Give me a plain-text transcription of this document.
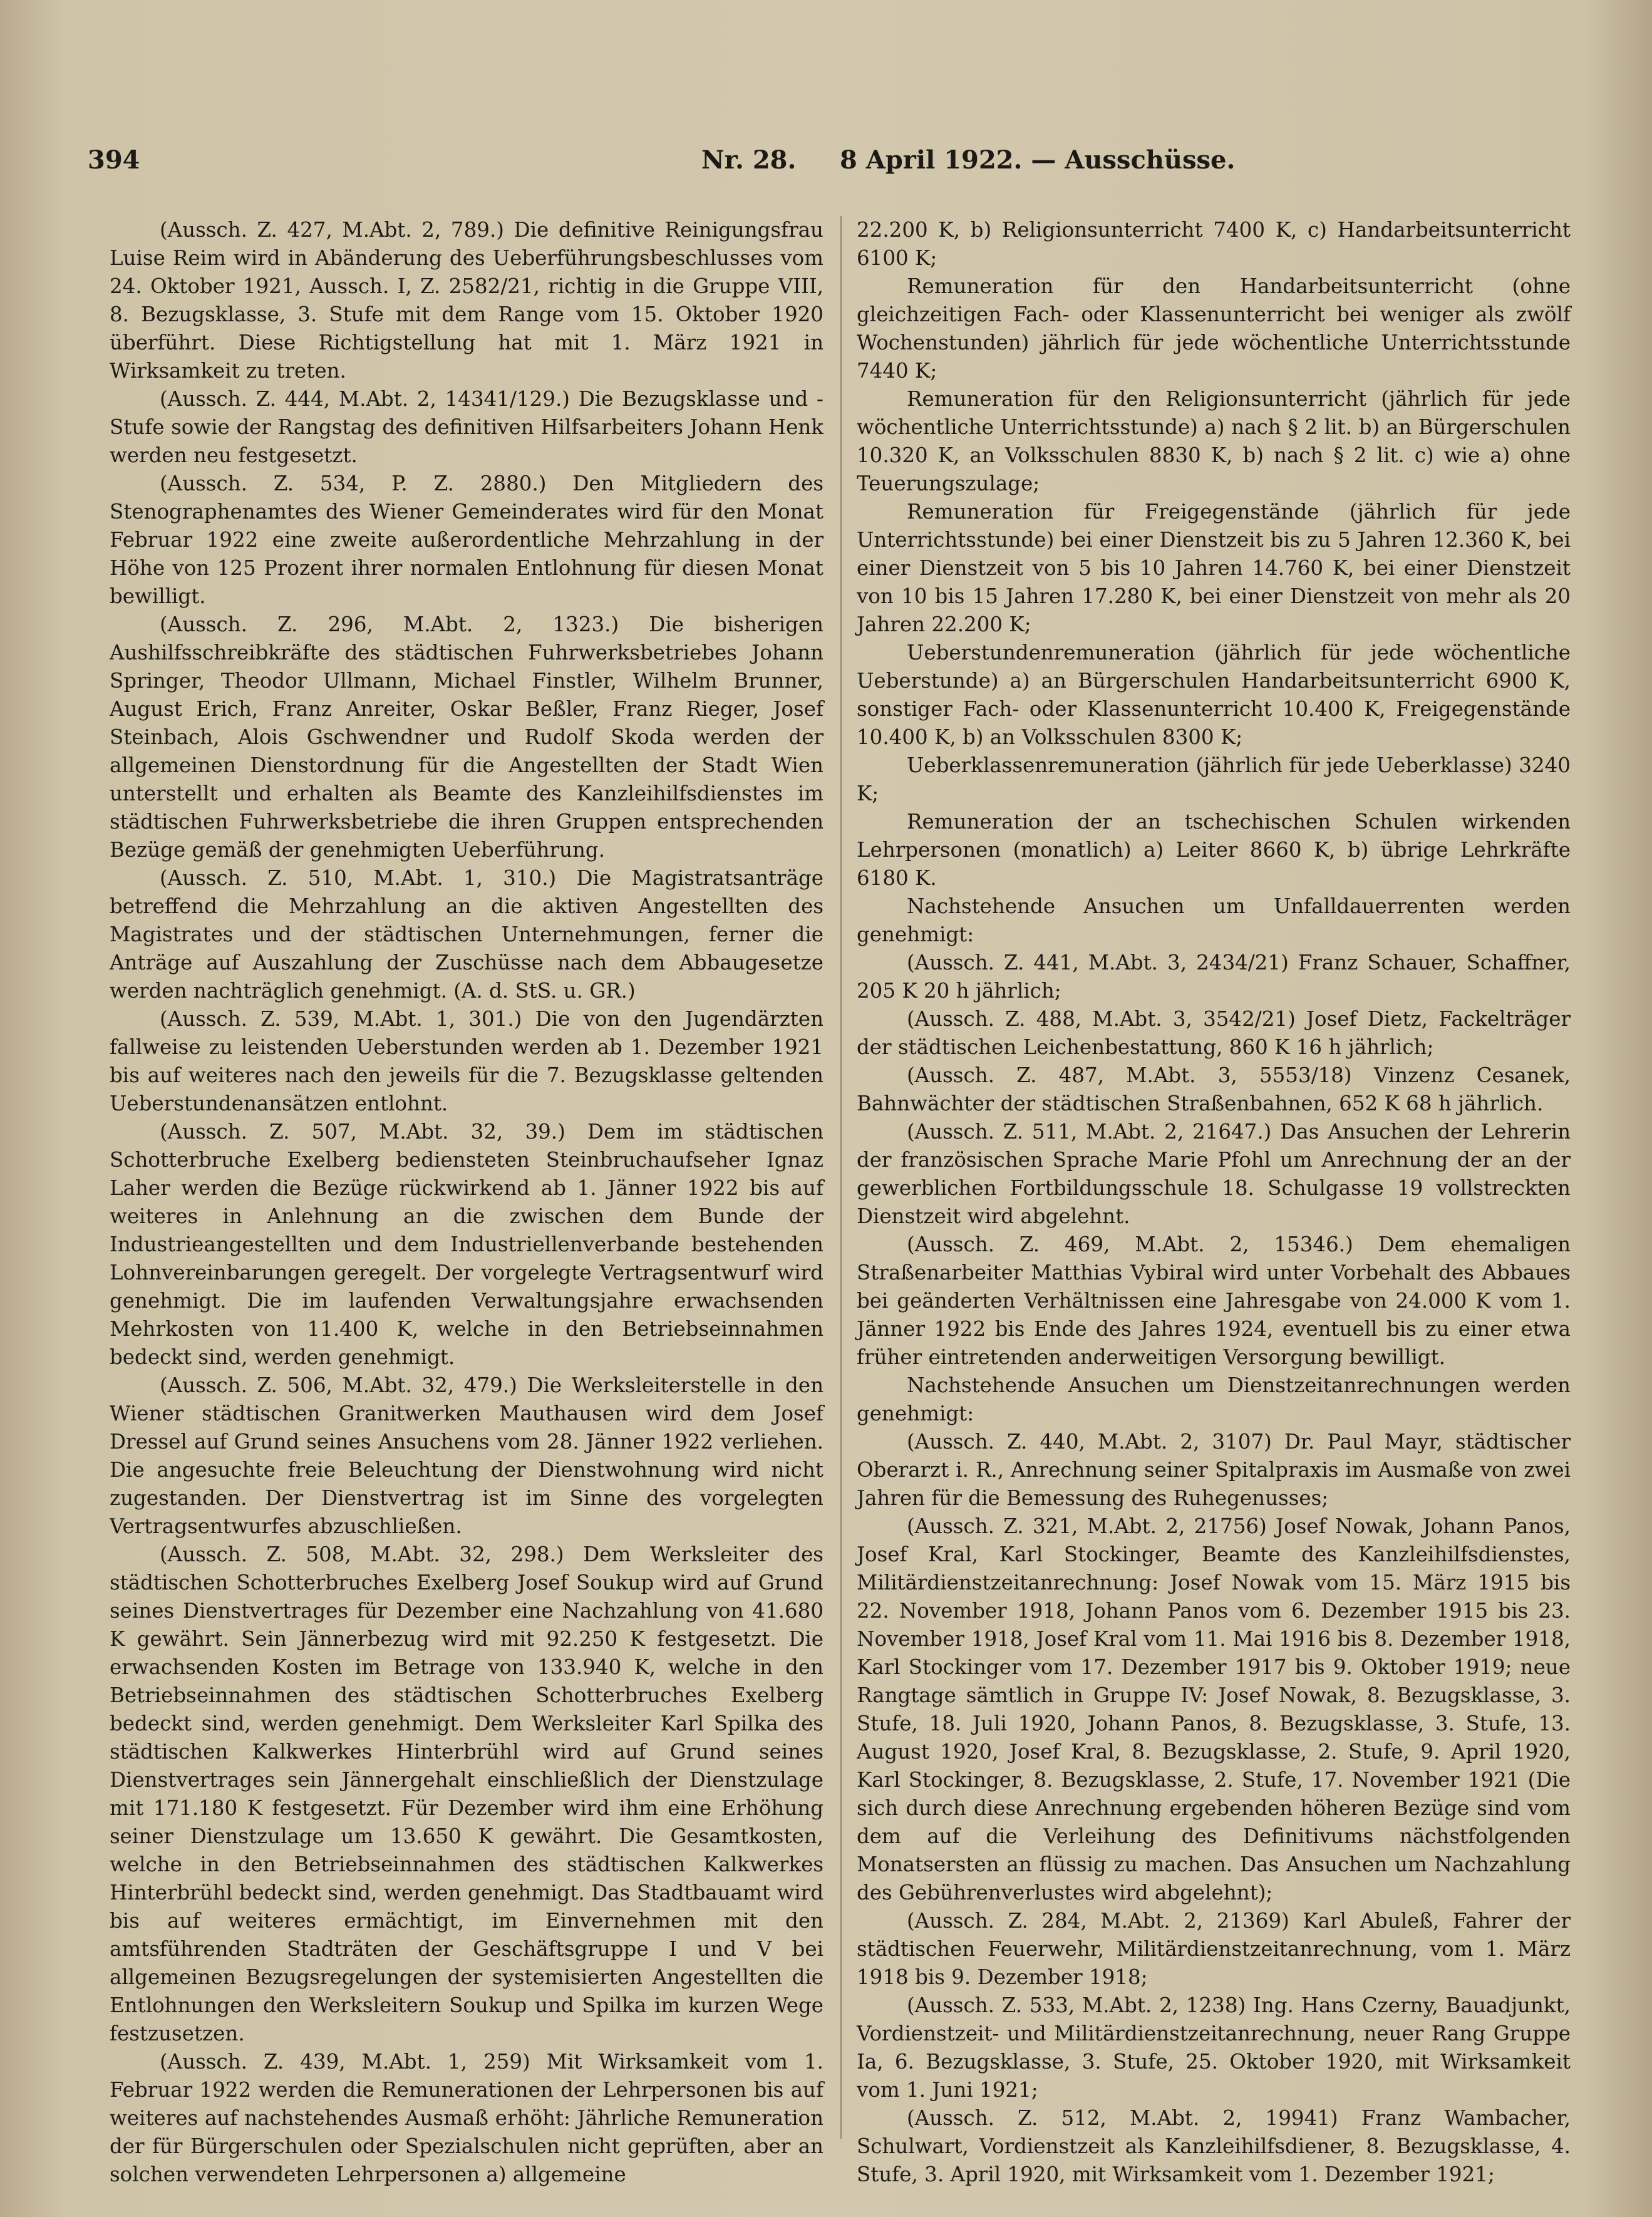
394	Nr. 28.     8 April 1922. — Ausschüsse.

(Aussch. Z. 427, M.Abt. 2, 789.) Die definitive Reinigungsfrau Luise Reim wird in Abänderung des Ueberführungsbeschlusses vom 24. Oktober 1921, Aussch. I, Z. 2582/21, richtig in die Gruppe VIII, 8. Bezugsklasse, 3. Stufe mit dem Range vom 15. Oktober 1920 überführt. Diese Richtigstellung hat mit 1. März 1921 in Wirksamkeit zu treten.

(Aussch. Z. 444, M.Abt. 2, 14341/129.) Die Bezugsklasse und -Stufe sowie der Rangstag des definitiven Hilfsarbeiters Johann Henk werden neu festgesetzt.

(Aussch. Z. 534, P. Z. 2880.) Den Mitgliedern des Stenographenamtes des Wiener Gemeinderates wird für den Monat Februar 1922 eine zweite außerordentliche Mehrzahlung in der Höhe von 125 Prozent ihrer normalen Entlohnung für diesen Monat bewilligt.

(Aussch. Z. 296, M.Abt. 2, 1323.) Die bisherigen Aushilfsschreibkräfte des städtischen Fuhrwerksbetriebes Johann Springer, Theodor Ullmann, Michael Finstler, Wilhelm Brunner, August Erich, Franz Anreiter, Oskar Beßler, Franz Rieger, Josef Steinbach, Alois Gschwendner und Rudolf Skoda werden der allgemeinen Dienstordnung für die Angestellten der Stadt Wien unterstellt und erhalten als Beamte des Kanzleihilfsdienstes im städtischen Fuhrwerksbetriebe die ihren Gruppen entsprechenden Bezüge gemäß der genehmigten Ueberführung.

(Aussch. Z. 510, M.Abt. 1, 310.) Die Magistratsanträge betreffend die Mehrzahlung an die aktiven Angestellten des Magistrates und der städtischen Unternehmungen, ferner die Anträge auf Auszahlung der Zuschüsse nach dem Abbaugesetze werden nachträglich genehmigt. (A. d. StS. u. GR.)

(Aussch. Z. 539, M.Abt. 1, 301.) Die von den Jugendärzten fallweise zu leistenden Ueberstunden werden ab 1. Dezember 1921 bis auf weiteres nach den jeweils für die 7. Bezugsklasse geltenden Ueberstundenansätzen entlohnt.

(Aussch. Z. 507, M.Abt. 32, 39.) Dem im städtischen Schotterbruche Exelberg bediensteten Steinbruchaufseher Ignaz Laher werden die Bezüge rückwirkend ab 1. Jänner 1922 bis auf weiteres in Anlehnung an die zwischen dem Bunde der Industrieangestellten und dem Industriellenverbande bestehenden Lohnvereinbarungen geregelt. Der vorgelegte Vertragsentwurf wird genehmigt. Die im laufenden Verwaltungsjahre erwachsenden Mehrkosten von 11.400 K, welche in den Betriebseinnahmen bedeckt sind, werden genehmigt.

(Aussch. Z. 506, M.Abt. 32, 479.) Die Werksleiterstelle in den Wiener städtischen Granitwerken Mauthausen wird dem Josef Dressel auf Grund seines Ansuchens vom 28. Jänner 1922 verliehen. Die angesuchte freie Beleuchtung der Dienstwohnung wird nicht zugestanden. Der Dienstvertrag ist im Sinne des vorgelegten Vertragsentwurfes abzuschließen.

(Aussch. Z. 508, M.Abt. 32, 298.) Dem Werksleiter des städtischen Schotterbruches Exelberg Josef Soukup wird auf Grund seines Dienstvertrages für Dezember eine Nachzahlung von 41.680 K gewährt. Sein Jännerbezug wird mit 92.250 K festgesetzt. Die erwachsenden Kosten im Betrage von 133.940 K, welche in den Betriebseinnahmen des städtischen Schotterbruches Exelberg bedeckt sind, werden genehmigt. Dem Werksleiter Karl Spilka des städtischen Kalkwerkes Hinterbrühl wird auf Grund seines Dienstvertrages sein Jännergehalt einschließlich der Dienstzulage mit 171.180 K festgesetzt. Für Dezember wird ihm eine Erhöhung seiner Dienstzulage um 13.650 K gewährt. Die Gesamtkosten, welche in den Betriebseinnahmen des städtischen Kalkwerkes Hinterbrühl bedeckt sind, werden genehmigt. Das Stadtbauamt wird bis auf weiteres ermächtigt, im Einvernehmen mit den amtsführenden Stadträten der Geschäftsgruppe I und V bei allgemeinen Bezugsregelungen der systemisierten Angestellten die Entlohnungen den Werksleitern Soukup und Spilka im kurzen Wege festzusetzen.

(Aussch. Z. 439, M.Abt. 1, 259) Mit Wirksamkeit vom 1. Februar 1922 werden die Remunerationen der Lehrpersonen bis auf weiteres auf nachstehendes Ausmaß erhöht: Jährliche Remuneration der für Bürgerschulen oder Spezialschulen nicht geprüften, aber an solchen verwendeten Lehrpersonen a) allgemeine

22.200 K, b) Religionsunterricht 7400 K, c) Handarbeitsunterricht 6100 K;

Remuneration für den Handarbeitsunterricht (ohne gleichzeitigen Fach- oder Klassenunterricht bei weniger als zwölf Wochenstunden) jährlich für jede wöchentliche Unterrichtsstunde 7440 K;

Remuneration für den Religionsunterricht (jährlich für jede wöchentliche Unterrichtsstunde) a) nach § 2 lit. b) an Bürgerschulen 10.320 K, an Volksschulen 8830 K, b) nach § 2 lit. c) wie a) ohne Teuerungszulage;

Remuneration für Freigegenstände (jährlich für jede Unterrichtsstunde) bei einer Dienstzeit bis zu 5 Jahren 12.360 K, bei einer Dienstzeit von 5 bis 10 Jahren 14.760 K, bei einer Dienstzeit von 10 bis 15 Jahren 17.280 K, bei einer Dienstzeit von mehr als 20 Jahren 22.200 K;

Ueberstundenremuneration (jährlich für jede wöchentliche Ueberstunde) a) an Bürgerschulen Handarbeitsunterricht 6900 K, sonstiger Fach- oder Klassenunterricht 10.400 K, Freigegenstände 10.400 K, b) an Volksschulen 8300 K;

Ueberklassenremuneration (jährlich für jede Ueberklasse) 3240 K;

Remuneration der an tschechischen Schulen wirkenden Lehrpersonen (monatlich) a) Leiter 8660 K, b) übrige Lehrkräfte 6180 K.

Nachstehende Ansuchen um Unfalldauerrenten werden genehmigt:

(Aussch. Z. 441, M.Abt. 3, 2434/21) Franz Schauer, Schaffner, 205 K 20 h jährlich;

(Aussch. Z. 488, M.Abt. 3, 3542/21) Josef Dietz, Fackelträger der städtischen Leichenbestattung, 860 K 16 h jährlich;

(Aussch. Z. 487, M.Abt. 3, 5553/18) Vinzenz Cesanek, Bahnwächter der städtischen Straßenbahnen, 652 K 68 h jährlich.

(Aussch. Z. 511, M.Abt. 2, 21647.) Das Ansuchen der Lehrerin der französischen Sprache Marie Pfohl um Anrechnung der an der gewerblichen Fortbildungsschule 18. Schulgasse 19 vollstreckten Dienstzeit wird abgelehnt.

(Aussch. Z. 469, M.Abt. 2, 15346.) Dem ehemaligen Straßenarbeiter Matthias Vybiral wird unter Vorbehalt des Abbaues bei geänderten Verhältnissen eine Jahresgabe von 24.000 K vom 1. Jänner 1922 bis Ende des Jahres 1924, eventuell bis zu einer etwa früher eintretenden anderweitigen Versorgung bewilligt.

Nachstehende Ansuchen um Dienstzeitanrechnungen werden genehmigt:

(Aussch. Z. 440, M.Abt. 2, 3107) Dr. Paul Mayr, städtischer Oberarzt i. R., Anrechnung seiner Spitalpraxis im Ausmaße von zwei Jahren für die Bemessung des Ruhegenusses;

(Aussch. Z. 321, M.Abt. 2, 21756) Josef Nowak, Johann Panos, Josef Kral, Karl Stockinger, Beamte des Kanzleihilfsdienstes, Militärdienstzeitanrechnung: Josef Nowak vom 15. März 1915 bis 22. November 1918, Johann Panos vom 6. Dezember 1915 bis 23. November 1918, Josef Kral vom 11. Mai 1916 bis 8. Dezember 1918, Karl Stockinger vom 17. Dezember 1917 bis 9. Oktober 1919; neue Rangtage sämtlich in Gruppe IV: Josef Nowak, 8. Bezugsklasse, 3. Stufe, 18. Juli 1920, Johann Panos, 8. Bezugsklasse, 3. Stufe, 13. August 1920, Josef Kral, 8. Bezugsklasse, 2. Stufe, 9. April 1920, Karl Stockinger, 8. Bezugsklasse, 2. Stufe, 17. November 1921 (Die sich durch diese Anrechnung ergebenden höheren Bezüge sind vom dem auf die Verleihung des Definitivums nächstfolgenden Monatsersten an flüssig zu machen. Das Ansuchen um Nachzahlung des Gebührenverlustes wird abgelehnt);

(Aussch. Z. 284, M.Abt. 2, 21369) Karl Abuleß, Fahrer der städtischen Feuerwehr, Militärdienstzeitanrechnung, vom 1. März 1918 bis 9. Dezember 1918;

(Aussch. Z. 533, M.Abt. 2, 1238) Ing. Hans Czerny, Bauadjunkt, Vordienstzeit- und Militärdienstzeitanrechnung, neuer Rang Gruppe Ia, 6. Bezugsklasse, 3. Stufe, 25. Oktober 1920, mit Wirksamkeit vom 1. Juni 1921;

(Aussch. Z. 512, M.Abt. 2, 19941) Franz Wambacher, Schulwart, Vordienstzeit als Kanzleihilfsdiener, 8. Bezugsklasse, 4. Stufe, 3. April 1920, mit Wirksamkeit vom 1. Dezember 1921;
